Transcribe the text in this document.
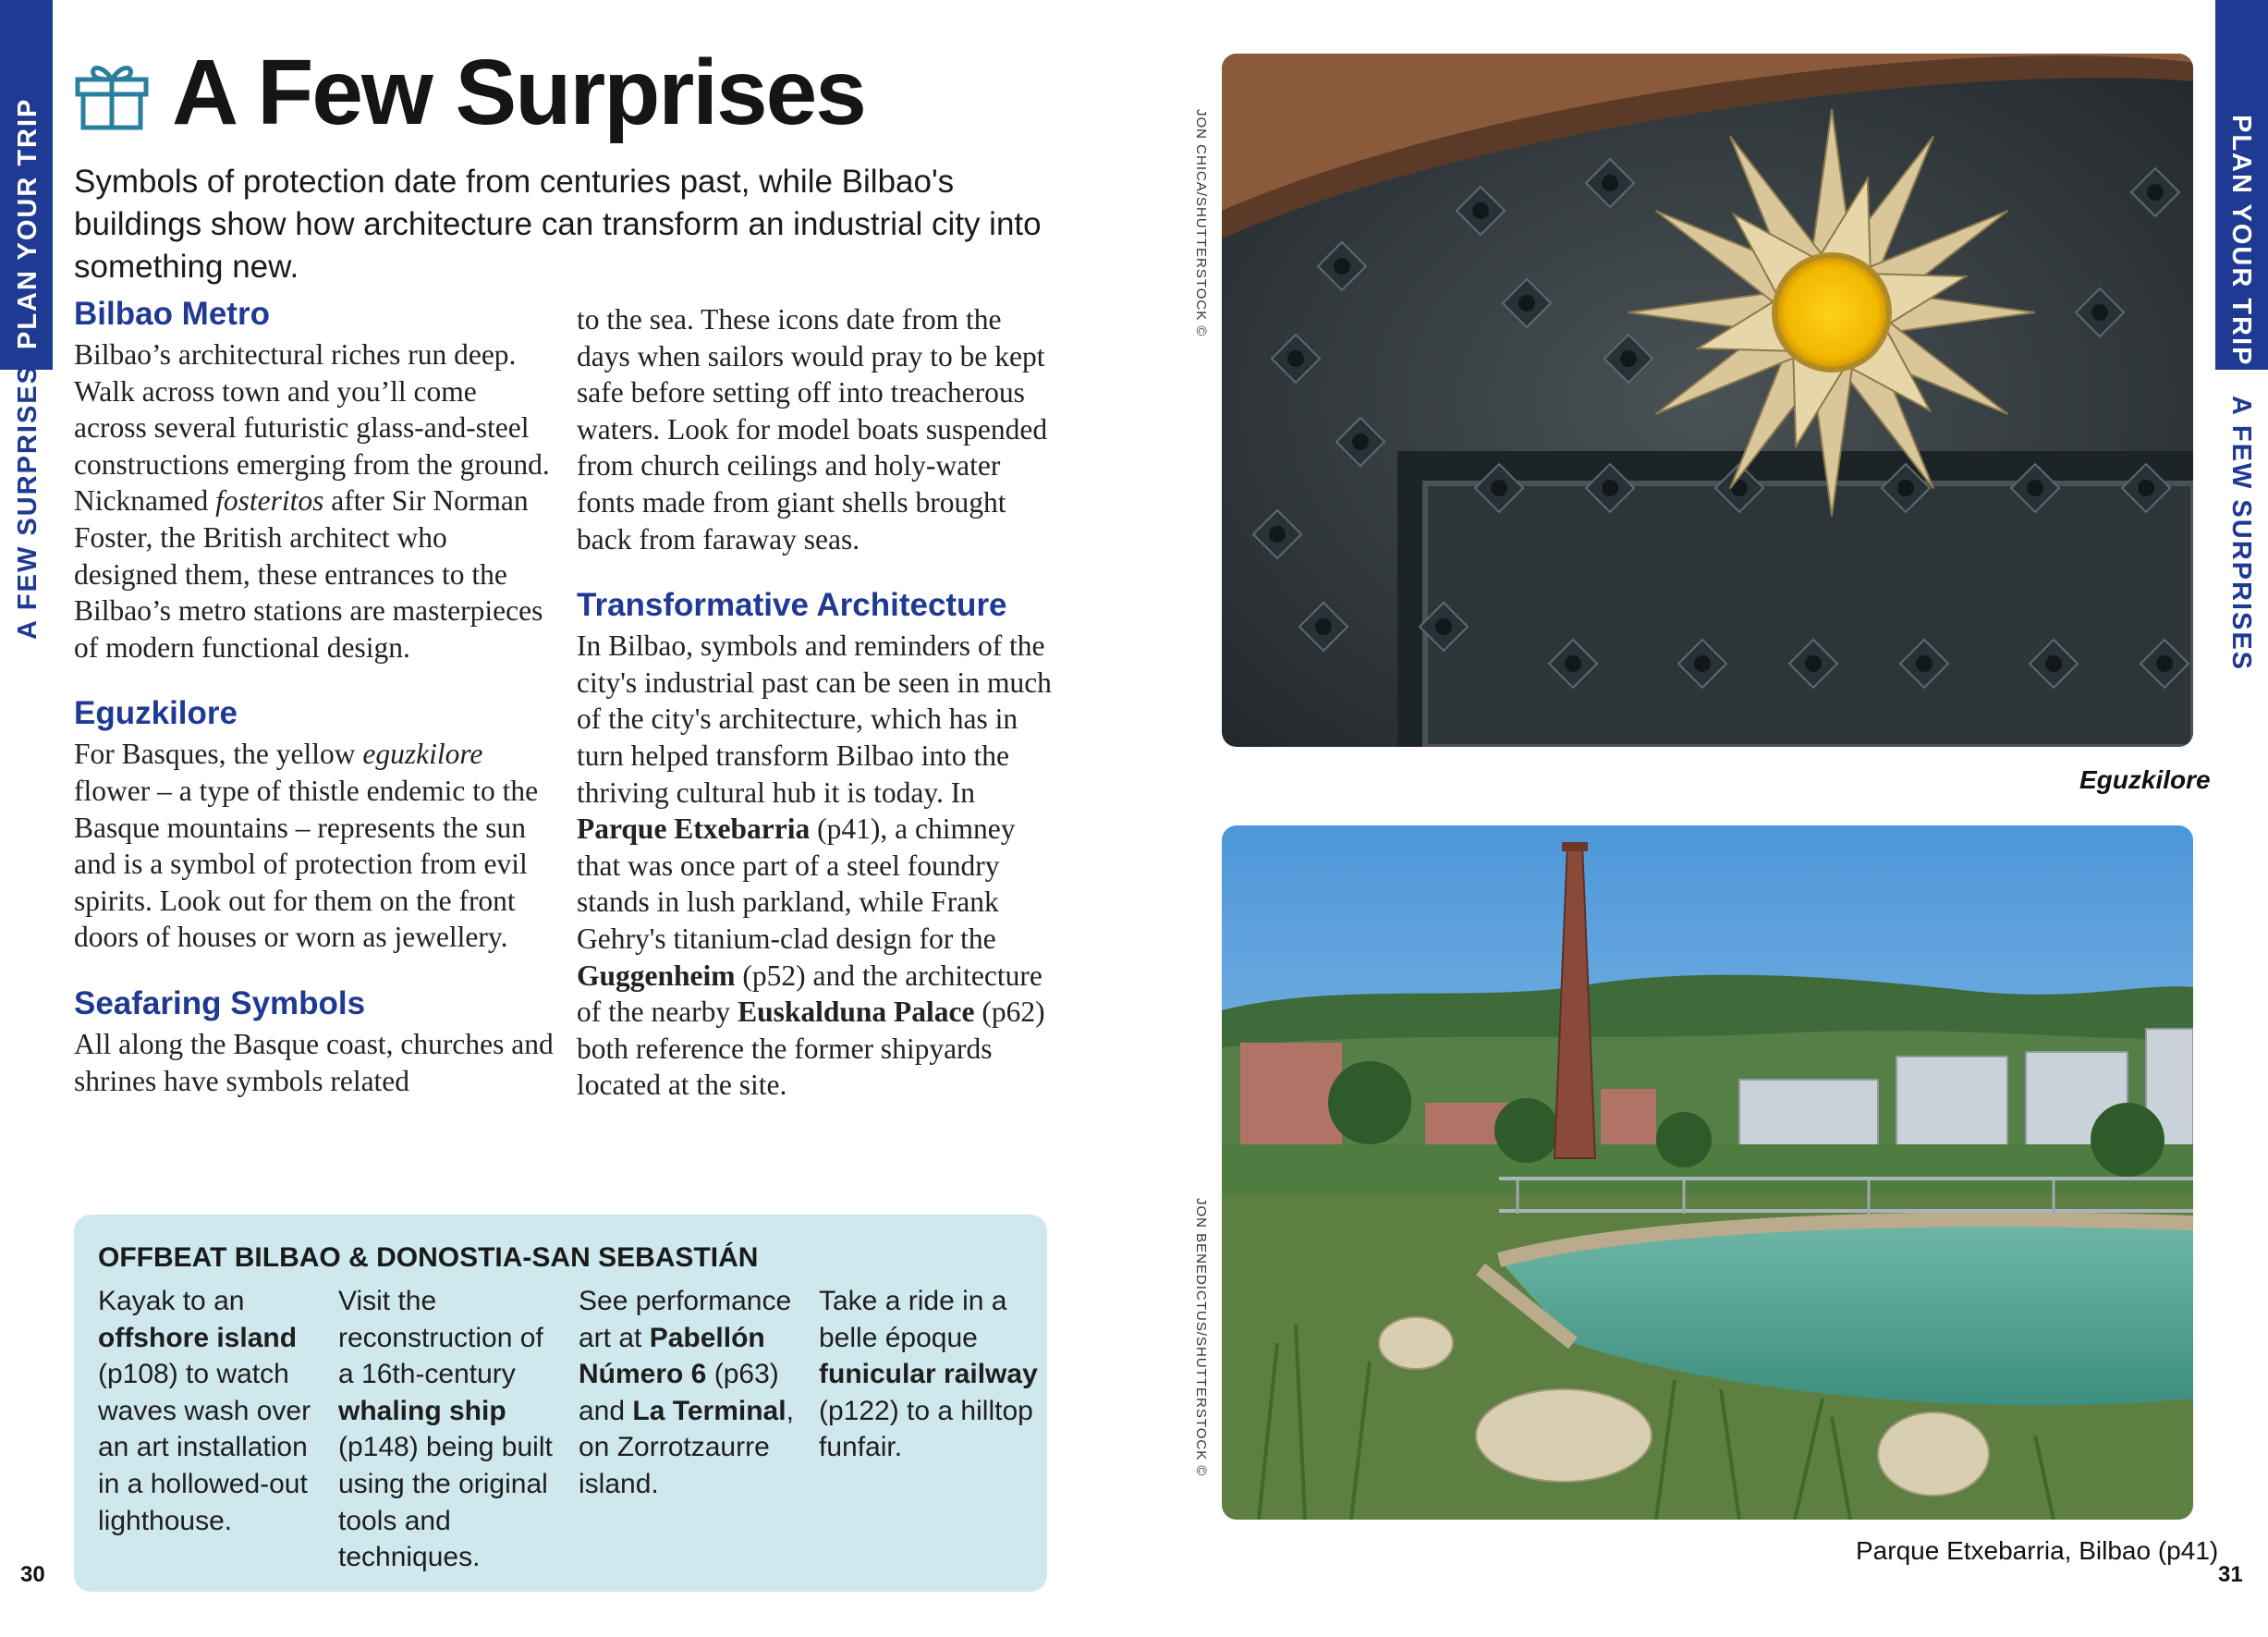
PLAN YOUR TRIP
A FEW SURPRISES
PLAN YOUR TRIP
A FEW SURPRISES
A Few Surprises
Symbols of protection date from centuries past, while Bilbao's buildings show how architecture can transform an industrial city into something new.
Bilbao Metro

Bilbao’s architectural riches run deep. Walk across town and you’ll come across several futuristic glass-and-steel constructions emerging from the ground. Nicknamed fosteritos after Sir Norman Foster, the British architect who designed them, these entrances to the Bilbao’s metro stations are masterpieces of modern functional design.

Eguzkilore

For Basques, the yellow eguzkilore flower – a type of thistle endemic to the Basque mountains – represents the sun and is a symbol of protection from evil spirits. Look out for them on the front doors of houses or worn as jewellery.

Seafaring Symbols

All along the Basque coast, churches and shrines have symbols related

to the sea. These icons date from the days when sailors would pray to be kept safe before setting off into treacherous waters. Look for model boats suspended from church ceilings and holy-water fonts made from giant shells brought back from faraway seas.

Transformative Architecture

In Bilbao, symbols and reminders of the city's industrial past can be seen in much of the city's architecture, which has in turn helped transform Bilbao into the thriving cultural hub it is today. In Parque Etxebarria (p41), a chimney that was once part of a steel foundry stands in lush parkland, while Frank Gehry's titanium-clad design for the Guggenheim (p52) and the architecture of the nearby Euskalduna Palace (p62) both reference the former shipyards located at the site.

OFFBEAT BILBAO & DONOSTIA-SAN SEBASTIÁN
Kayak to an offshore island (p108) to watch waves wash over an art installation in a hollowed-out lighthouse.
Visit the reconstruction of a 16th-century whaling ship (p148) being built using the original tools and techniques.
See performance art at Pabellón Número 6 (p63) and La Terminal, on Zorrotzaurre island.
Take a ride in a belle époque funicular railway (p122) to a hilltop funfair.
JON CHICA/SHUTTERSTOCK ©
JON BENEDICTUS/SHUTTERSTOCK ©
Eguzkilore
Parque Etxebarria, Bilbao (p41)
30	31
